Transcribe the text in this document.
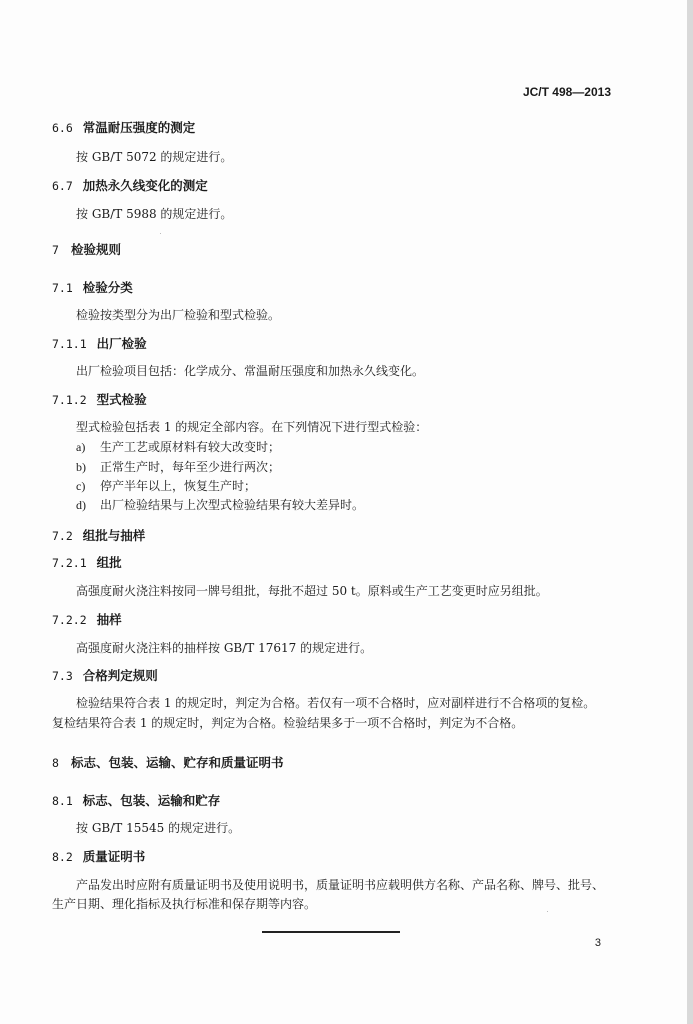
JC/T 498—2013
6.6 常温耐压强度的测定
按 GB/T 5072 的规定进行。
6.7 加热永久线变化的测定
按 GB/T 5988 的规定进行。
7 检验规则
7.1 检验分类
检验按类型分为出厂检验和型式检验。
7.1.1 出厂检验
出厂检验项目包括：化学成分、常温耐压强度和加热永久线变化。
7.1.2 型式检验
型式检验包括表 1 的规定全部内容。在下列情况下进行型式检验：
a) 生产工艺或原材料有较大改变时；
b) 正常生产时，每年至少进行两次；
c) 停产半年以上，恢复生产时；
d) 出厂检验结果与上次型式检验结果有较大差异时。
7.2 组批与抽样
7.2.1 组批
高强度耐火浇注料按同一牌号组批，每批不超过 50 t。原料或生产工艺变更时应另组批。
7.2.2 抽样
高强度耐火浇注料的抽样按 GB/T 17617 的规定进行。
7.3 合格判定规则
检验结果符合表 1 的规定时，判定为合格。若仅有一项不合格时，应对副样进行不合格项的复检。
复检结果符合表 1 的规定时，判定为合格。检验结果多于一项不合格时，判定为不合格。
8 标志、包装、运输、贮存和质量证明书
8.1 标志、包装、运输和贮存
按 GB/T 15545 的规定进行。
8.2 质量证明书
产品发出时应附有质量证明书及使用说明书，质量证明书应载明供方名称、产品名称、牌号、批号、
生产日期、理化指标及执行标准和保存期等内容。
3
